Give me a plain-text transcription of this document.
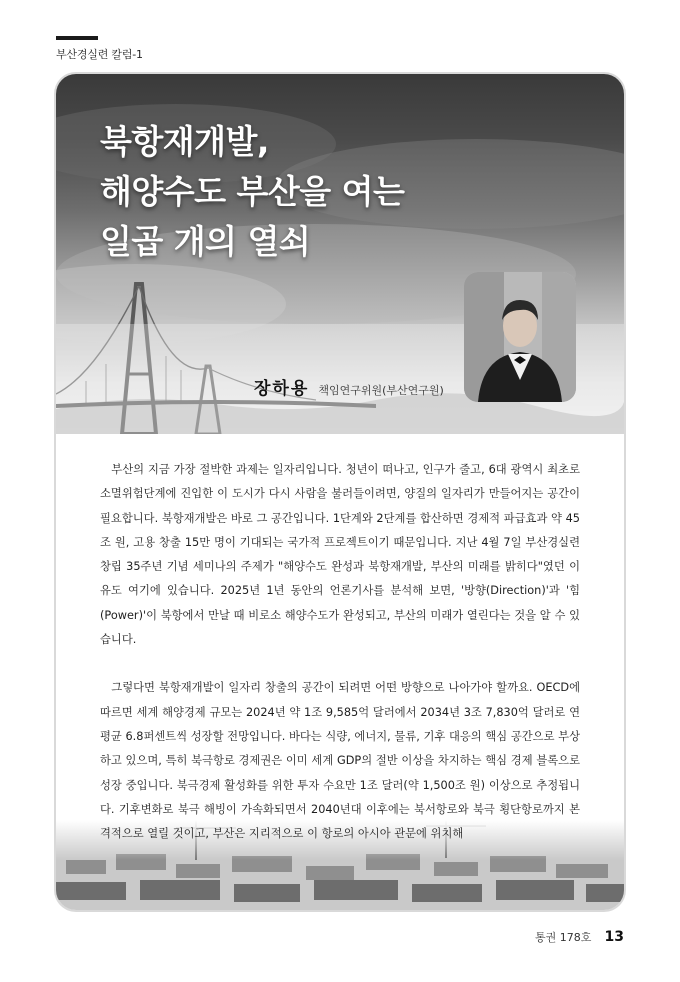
부산경실련 칼럼-1
북항재개발,
해양수도 부산을 여는
일곱 개의 열쇠
장하용 책임연구위원(부산연구원)

부산의 지금 가장 절박한 과제는 일자리입니다. 청년이 떠나고, 인구가 줄고, 6대 광역시 최초로 소멸위험단계에 진입한 이 도시가 다시 사람을 불러들이려면, 양질의 일자리가 만들어지는 공간이 필요합니다. 북항재개발은 바로 그 공간입니다. 1단계와 2단계를 합산하면 경제적 파급효과 약 45조 원, 고용 창출 15만 명이 기대되는 국가적 프로젝트이기 때문입니다. 지난 4월 7일 부산경실련 창립 35주년 기념 세미나의 주제가 "해양수도 완성과 북항재개발, 부산의 미래를 밝히다"였던 이유도 여기에 있습니다. 2025년 1년 동안의 언론기사를 분석해 보면, '방향(Direction)'과 '힘(Power)'이 북항에서 만날 때 비로소 해양수도가 완성되고, 부산의 미래가 열린다는 것을 알 수 있습니다.

그렇다면 북항재개발이 일자리 창출의 공간이 되려면 어떤 방향으로 나아가야 할까요. OECD에 따르면 세계 해양경제 규모는 2024년 약 1조 9,585억 달러에서 2034년 3조 7,830억 달러로 연평균 6.8퍼센트씩 성장할 전망입니다. 바다는 식량, 에너지, 물류, 기후 대응의 핵심 공간으로 부상하고 있으며, 특히 북극항로 경제권은 이미 세계 GDP의 절반 이상을 차지하는 핵심 경제 블록으로 성장 중입니다. 북극경제 활성화를 위한 투자 수요만 1조 달러(약 1,500조 원) 이상으로 추정됩니다. 기후변화로 북극 해빙이 가속화되면서 2040년대 이후에는 북서항로와 북극 횡단항로까지 본격적으로 열릴 것이고, 부산은 지리적으로 이 항로의 아시아 관문에 위치해

통권 178호 13
